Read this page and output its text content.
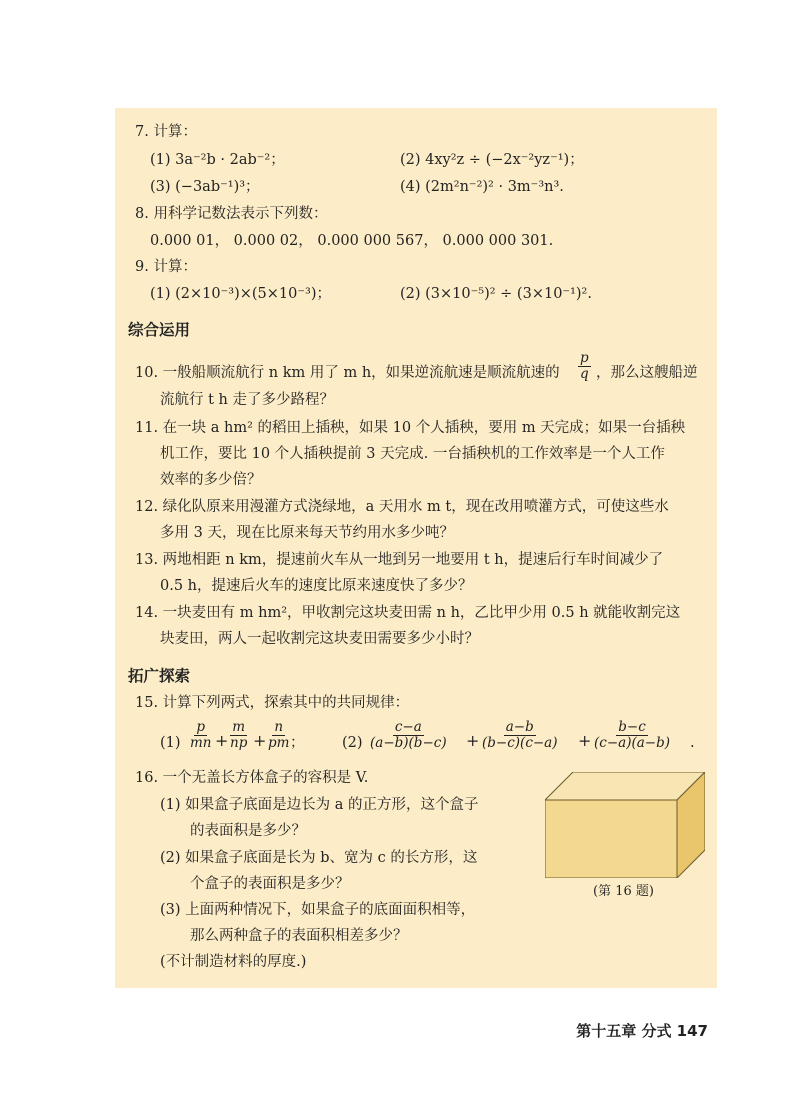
7. 计算：
(1) 3a⁻²b · 2ab⁻²；	(2) 4xy²z ÷ (−2x⁻²yz⁻¹)；
(3) (−3ab⁻¹)³；	(4) (2m²n⁻²)² · 3m⁻³n³.
8. 用科学记数法表示下列数：
0.000 01， 0.000 02， 0.000 000 567， 0.000 000 301.
9. 计算：
(1) (2×10⁻³)×(5×10⁻³)；	(2) (3×10⁻⁵)² ÷ (3×10⁻¹)².
综合运用
10. 一般船顺流航行 n km 用了 m h，如果逆流航速是顺流航速的 $\frac{p}{q}$ ，那么这艘船逆
流航行 t h 走了多少路程？
11. 在一块 a hm² 的稻田上插秧，如果 10 个人插秧，要用 m 天完成；如果一台插秧
机工作，要比 10 个人插秧提前 3 天完成. 一台插秧机的工作效率是一个人工作
效率的多少倍？
12. 绿化队原来用漫灌方式浇绿地，a 天用水 m t，现在改用喷灌方式，可使这些水
多用 3 天，现在比原来每天节约用水多少吨？
13. 两地相距 n km，提速前火车从一地到另一地要用 t h，提速后行车时间减少了
0.5 h，提速后火车的速度比原来速度快了多少？
14. 一块麦田有 m hm²，甲收割完这块麦田需 n h，乙比甲少用 0.5 h 就能收割完这
块麦田，两人一起收割完这块麦田需要多少小时？
拓广探索
15. 计算下列两式，探索其中的共同规律：
$(1) \frac{p}{mn} + \frac{m}{np} + \frac{n}{pm}$
；	$(2) \frac{c-a}{(a-b)(b-c)} + \frac{a-b}{(b-c)(c-a)} + \frac{b-c}{(c-a)(a-b)}$ .
16. 一个无盖长方体盒子的容积是 V.
(1) 如果盒子底面是边长为 a 的正方形，这个盒子
的表面积是多少？
(2) 如果盒子底面是长为 b、宽为 c 的长方形，这
个盒子的表面积是多少？
(3) 上面两种情况下，如果盒子的底面面积相等，
那么两种盒子的表面积相差多少？
(不计制造材料的厚度.)
(第 16 题)
第十五章 分式 147
